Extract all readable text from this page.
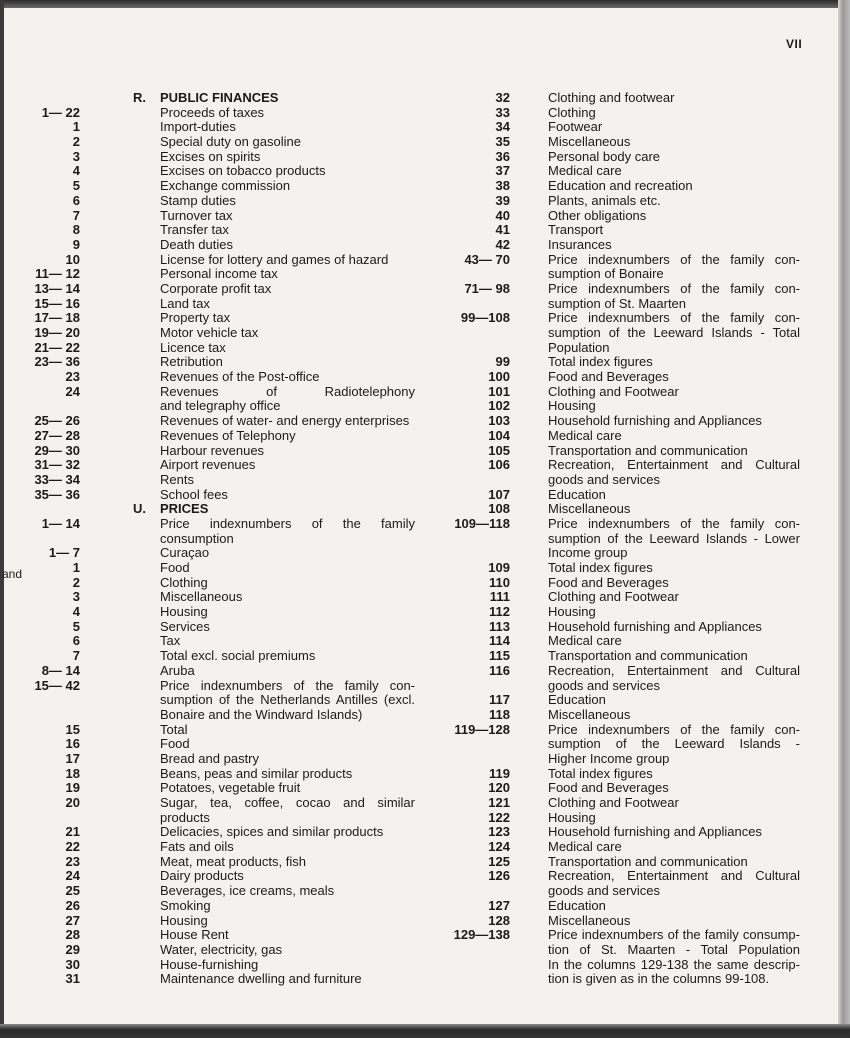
VII
and
R. PUBLIC FINANCES
1— 22	Proceeds of taxes
1	Import-duties
2	Special duty on gasoline
3	Excises on spirits
4	Excises on tobacco products
5	Exchange commission
6	Stamp duties
7	Turnover tax
8	Transfer tax
9	Death duties
10	License for lottery and games of hazard
11— 12	Personal income tax
13— 14	Corporate profit tax
15— 16	Land tax
17— 18	Property tax
19— 20	Motor vehicle tax
21— 22	Licence tax
23— 36	Retribution
23	Revenues of the Post-office
24	Revenues of Radiotelephony
and telegraphy office
25— 26	Revenues of water- and energy enterprises
27— 28	Revenues of Telephony
29— 30	Harbour revenues
31— 32	Airport revenues
33— 34	Rents
35— 36	School fees
U. PRICES
1— 14	Price indexnumbers of the family
consumption
1— 7	Curaçao
1	Food
2	Clothing
3	Miscellaneous
4	Housing
5	Services
6	Tax
7	Total excl. social premiums
8— 14	Aruba
15— 42	Price indexnumbers of the family con-
sumption of the Netherlands Antilles (excl.
Bonaire and the Windward Islands)
15	Total
16	Food
17	Bread and pastry
18	Beans, peas and similar products
19	Potatoes, vegetable fruit
20	Sugar, tea, coffee, cocao and similar
products
21	Delicacies, spices and similar products
22	Fats and oils
23	Meat, meat products, fish
24	Dairy products
25	Beverages, ice creams, meals
26	Smoking
27	Housing
28	House Rent
29	Water, electricity, gas
30	House-furnishing
31	Maintenance dwelling and furniture
32	Clothing and footwear
33	Clothing
34	Footwear
35	Miscellaneous
36	Personal body care
37	Medical care
38	Education and recreation
39	Plants, animals etc.
40	Other obligations
41	Transport
42	Insurances
43— 70	Price indexnumbers of the family con-
sumption of Bonaire
71— 98	Price indexnumbers of the family con-
sumption of St. Maarten
99—108	Price indexnumbers of the family con-
sumption of the Leeward Islands - Total
Population
99	Total index figures
100	Food and Beverages
101	Clothing and Footwear
102	Housing
103	Household furnishing and Appliances
104	Medical care
105	Transportation and communication
106	Recreation, Entertainment and Cultural
goods and services
107	Education
108	Miscellaneous
109—118	Price indexnumbers of the family con-
sumption of the Leeward Islands - Lower
Income group
109	Total index figures
110	Food and Beverages
111	Clothing and Footwear
112	Housing
113	Household furnishing and Appliances
114	Medical care
115	Transportation and communication
116	Recreation, Entertainment and Cultural
goods and services
117	Education
118	Miscellaneous
119—128	Price indexnumbers of the family con-
sumption of the Leeward Islands -
Higher Income group
119	Total index figures
120	Food and Beverages
121	Clothing and Footwear
122	Housing
123	Household furnishing and Appliances
124	Medical care
125	Transportation and communication
126	Recreation, Entertainment and Cultural
goods and services
127	Education
128	Miscellaneous
129—138	Price indexnumbers of the family consump-
tion of St. Maarten - Total Population
In the columns 129-138 the same descrip-
tion is given as in the columns 99-108.
